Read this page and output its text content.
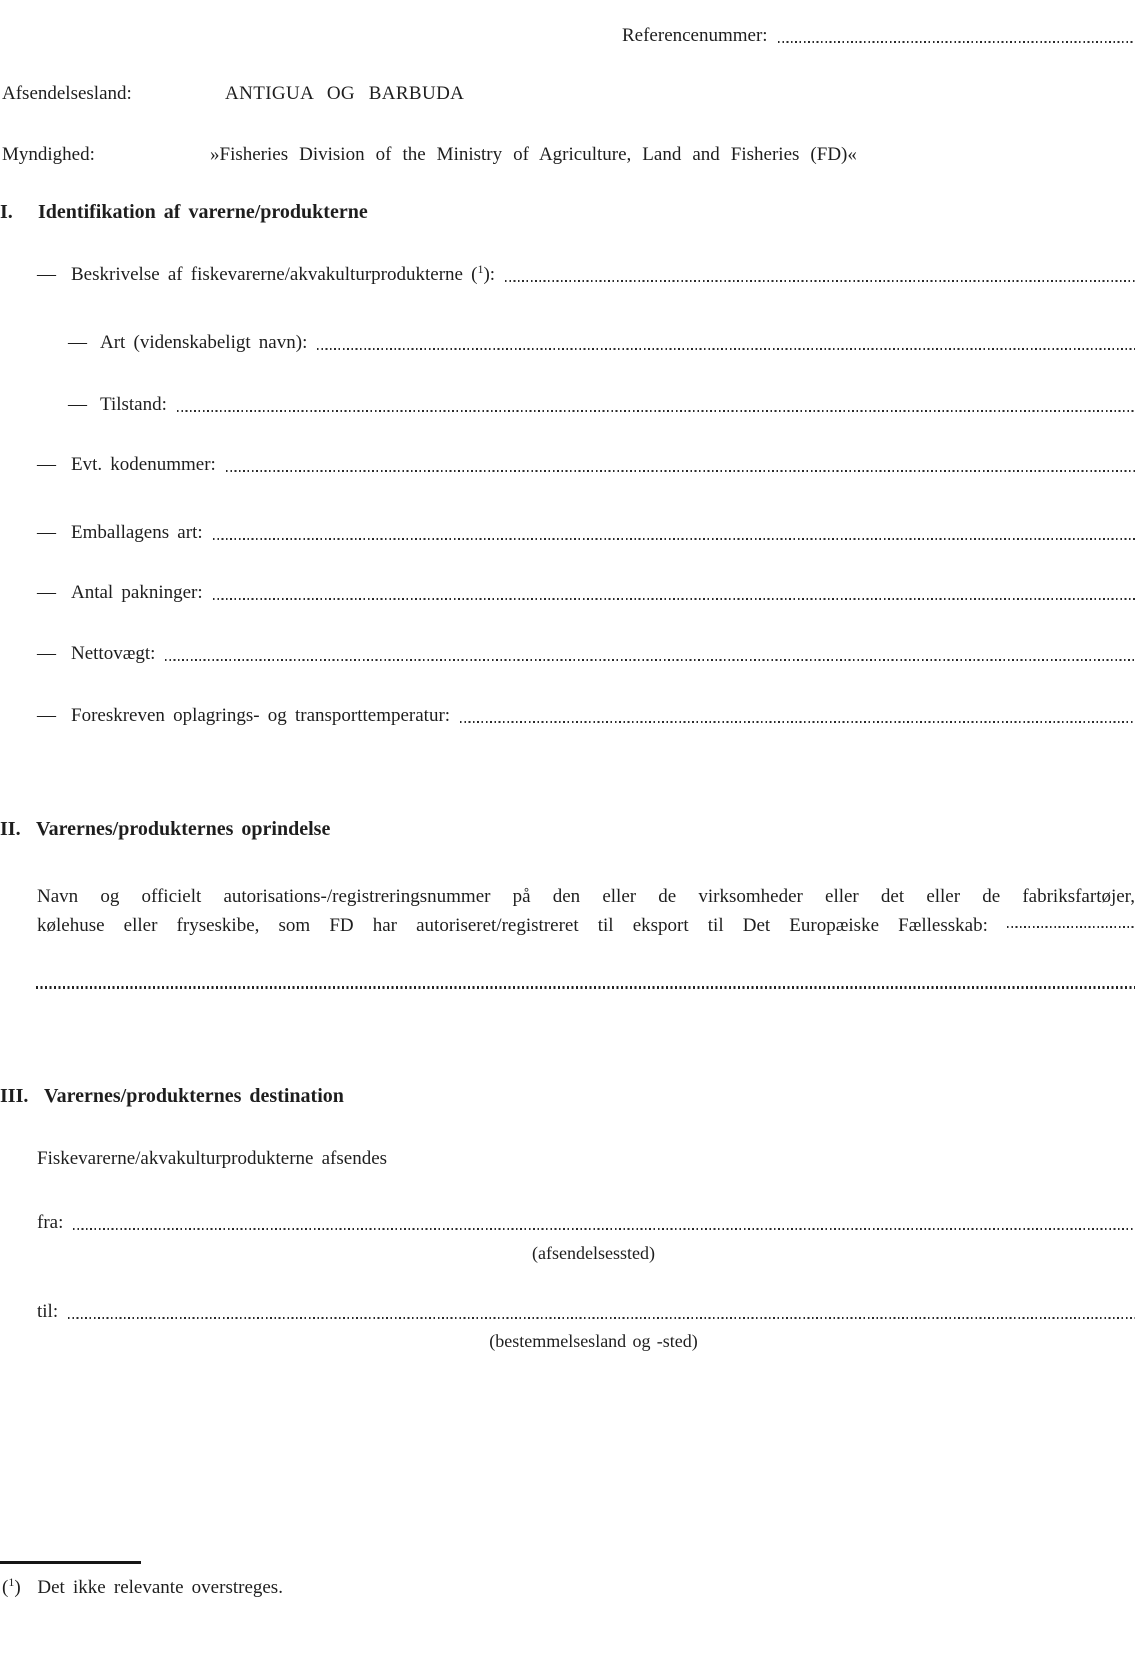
Referencenummer:
Afsendelsesland:	ANTIGUA OG BARBUDA
Myndighed:	»Fisheries Division of the Ministry of Agriculture, Land and Fisheries (FD)«
I. Identifikation af varerne/produkterne
— Beskrivelse af fiskevarerne/akvakulturprodukterne ($^1$):
— Art (videnskabeligt navn):
— Tilstand:
— Evt. kodenummer:
— Emballagens art:
— Antal pakninger:
— Nettovægt:
— Foreskreven oplagrings- og transporttemperatur:
II. Varernes/produkternes oprindelse
Navn og officielt autorisations-/registreringsnummer på den eller de virksomheder eller det eller de fabriksfartøjer,
kølehuse eller fryseskibe, som FD har autoriseret/registreret til eksport til Det Europæiske Fællesskab:
III. Varernes/produkternes destination
Fiskevarerne/akvakulturprodukterne afsendes
fra:
(afsendelsessted)
til:
(bestemmelsesland og -sted)
($^1$) Det ikke relevante overstreges.
